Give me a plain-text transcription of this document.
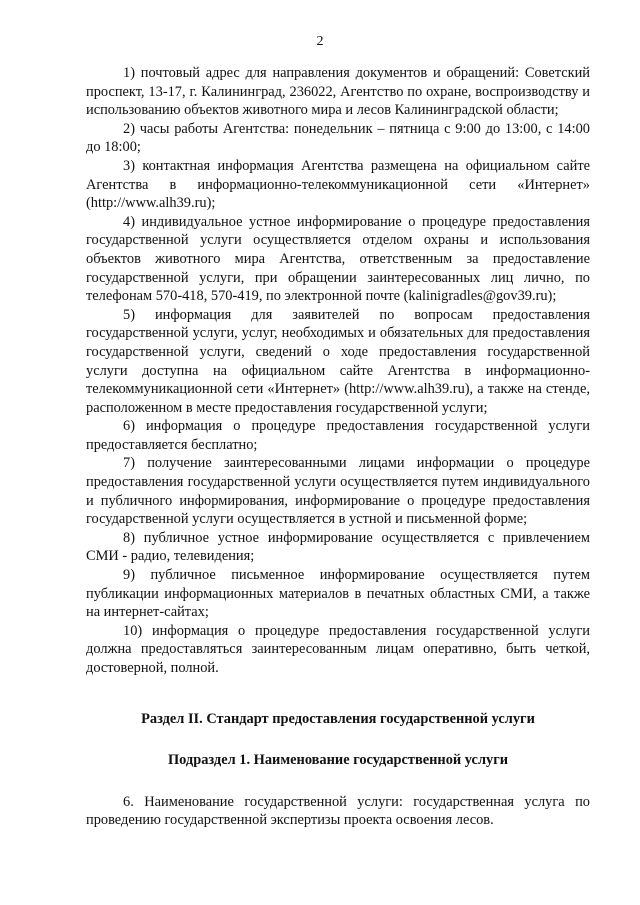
2

1) почтовый адрес для направления документов и обращений: Советский проспект, 13-17, г. Калининград, 236022, Агентство по охране, воспроизводству и использованию объектов животного мира и лесов Калининградской области;

2) часы работы Агентства: понедельник – пятница с 9:00 до 13:00, с 14:00 до 18:00;

3) контактная информация Агентства размещена на официальном сайте Агентства в информационно-телекоммуникационной сети «Интернет» (http://www.alh39.ru);

4) индивидуальное устное информирование о процедуре предоставления государственной услуги осуществляется отделом охраны и использования объектов животного мира Агентства, ответственным за предоставление государственной услуги, при обращении заинтересованных лиц лично, по телефонам 570-418, 570-419, по электронной почте (kalinigradles@gov39.ru);

5) информация для заявителей по вопросам предоставления государственной услуги, услуг, необходимых и обязательных для предоставления государственной услуги, сведений о ходе предоставления государственной услуги доступна на официальном сайте Агентства в информационно-телекоммуникационной сети «Интернет» (http://www.alh39.ru), а также на стенде, расположенном в месте предоставления государственной услуги;

6) информация о процедуре предоставления государственной услуги предоставляется бесплатно;

7) получение заинтересованными лицами информации о процедуре предоставления государственной услуги осуществляется путем индивидуального и публичного информирования, информирование о процедуре предоставления государственной услуги осуществляется в устной и письменной форме;

8) публичное устное информирование осуществляется с привлечением СМИ - радио, телевидения;

9) публичное письменное информирование осуществляется путем публикации информационных материалов в печатных областных СМИ, а также на интернет-сайтах;

10) информация о процедуре предоставления государственной услуги должна предоставляться заинтересованным лицам оперативно, быть четкой, достоверной, полной.

Раздел II. Стандарт предоставления государственной услуги

Подраздел 1. Наименование государственной услуги

6. Наименование государственной услуги: государственная услуга по проведению государственной экспертизы проекта освоения лесов.
